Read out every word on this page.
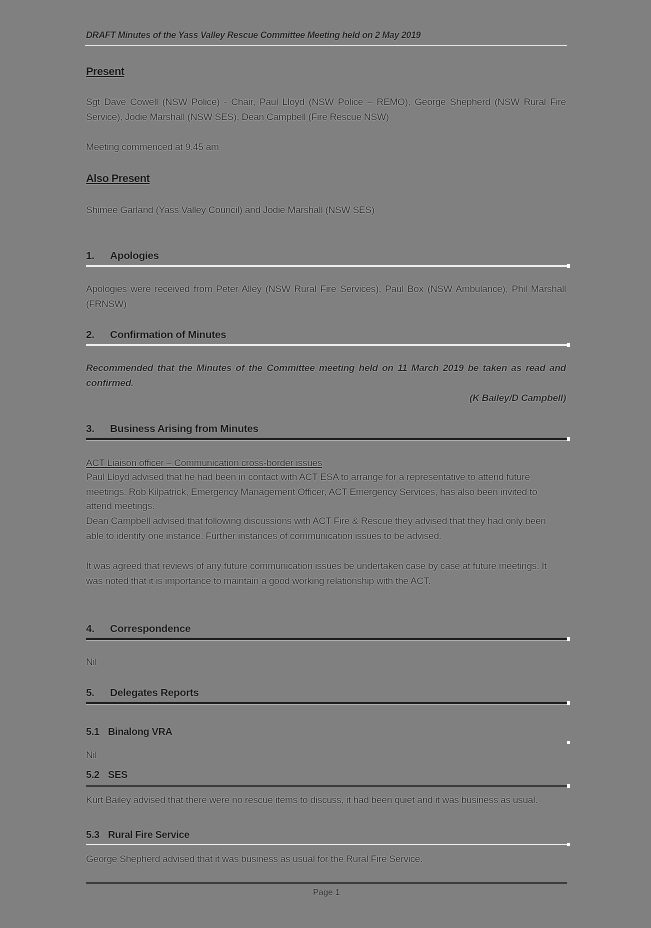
DRAFT Minutes of the Yass Valley Rescue Committee Meeting held on 2 May 2019
Present
Sgt Dave Cowell (NSW Police) - Chair, Paul Lloyd (NSW Police – REMO), George Shepherd (NSW Rural Fire Service), Jodie Marshall (NSW SES), Dean Campbell (Fire Rescue NSW)
Meeting commenced at 9.45 am
Also Present
Shimee Garland (Yass Valley Council) and Jodie Marshall (NSW SES)
1. Apologies
Apologies were received from Peter Alley (NSW Rural Fire Services), Paul Box (NSW Ambulance), Phil Marshall (FRNSW)
2. Confirmation of Minutes
Recommended that the Minutes of the Committee meeting held on 11 March 2019 be taken as read and confirmed.
(K Bailey/D Campbell)
3. Business Arising from Minutes
ACT Liaison officer – Communication cross-border issues
Paul Lloyd advised that he had been in contact with ACT ESA to arrange for a representative to attend future meetings. Rob Kilpatrick, Emergency Management Officer, ACT Emergency Services, has also been invited to attend meetings.
Dean Campbell advised that following discussions with ACT Fire & Rescue they advised that they had only been able to identify one instance. Further instances of communication issues to be advised.
It was agreed that reviews of any future communication issues be undertaken case by case at future meetings. It was noted that it is importance to maintain a good working relationship with the ACT.
4. Correspondence
Nil
5. Delegates Reports
5.1 Binalong VRA
Nil
5.2 SES
Kurt Bailey advised that there were no rescue items to discuss, it had been quiet and it was business as usual.
5.3 Rural Fire Service
George Shepherd advised that it was business as usual for the Rural Fire Service.
Page 1
